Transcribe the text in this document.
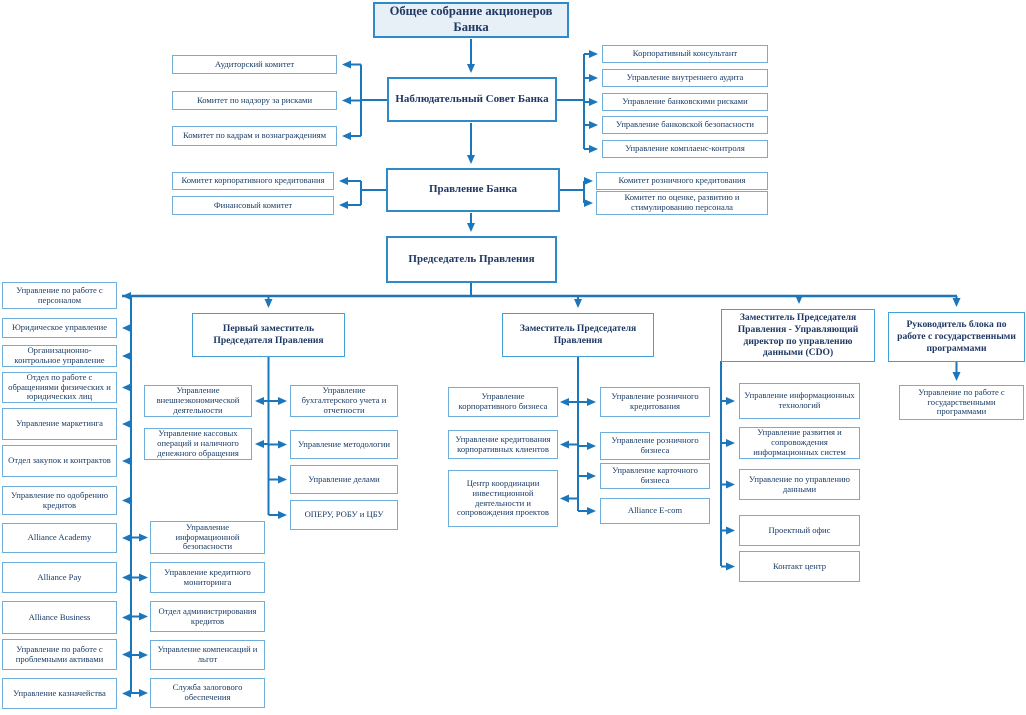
Общее собрание акционеров Банка
Наблюдательный Совет Банка
Правление Банка
Председатель Правления
Аудиторский комитет
Комитет по надзору за рисками
Комитет по кадрам и вознаграждениям
Корпоративный консультант
Управление внутреннего аудита
Управление банковскими рисками
Управление банковской безопасности
Управление комплаенс-контроля
Комитет корпоративного кредитования
Финансовый комитет
Комитет розничного кредитования
Комитет по оценке, развитию и стимулированию персонала
Первый заместитель Председателя Правления
Заместитель Председателя Правления
Заместитель Председателя Правления - Управляющий директор по управлению данными (CDO)
Руководитель блока по работе с государственными программами
Управление по работе с персоналом
Юридическое управление
Организационно-контрольное управление
Отдел по работе с обращениями физических и юридических лиц
Управление маркетинга
Отдел закупок и контрактов
Управление по одобрению кредитов
Alliance Academy
Alliance Pay
Alliance Business
Управление по работе с проблемными активами
Управление казначейства
Управление внешнеэкономической деятельности
Управление кассовых операций и наличного денежного обращения
Управление бухгалтерского учета и отчетности
Управление методологии
Управление делами
ОПЕРУ, РОБУ и ЦБУ
Управление информационной безопасности
Управление кредитного мониторинга
Отдел администрирования кредитов
Управление компенсаций и льгот
Служба залогового обеспечения
Управление корпоративного бизнеса
Управление кредитования корпоративных клиентов
Центр координации инвестиционной деятельности и сопровождения проектов
Управление розничного кредитования
Управление розничного бизнеса
Управление карточного бизнеса
Alliance E-com
Управление информационных технологий
Управление развития и сопровождения информационных систем
Управление по управлению данными
Проектный офис
Контакт центр
Управление по работе с государственными программами
